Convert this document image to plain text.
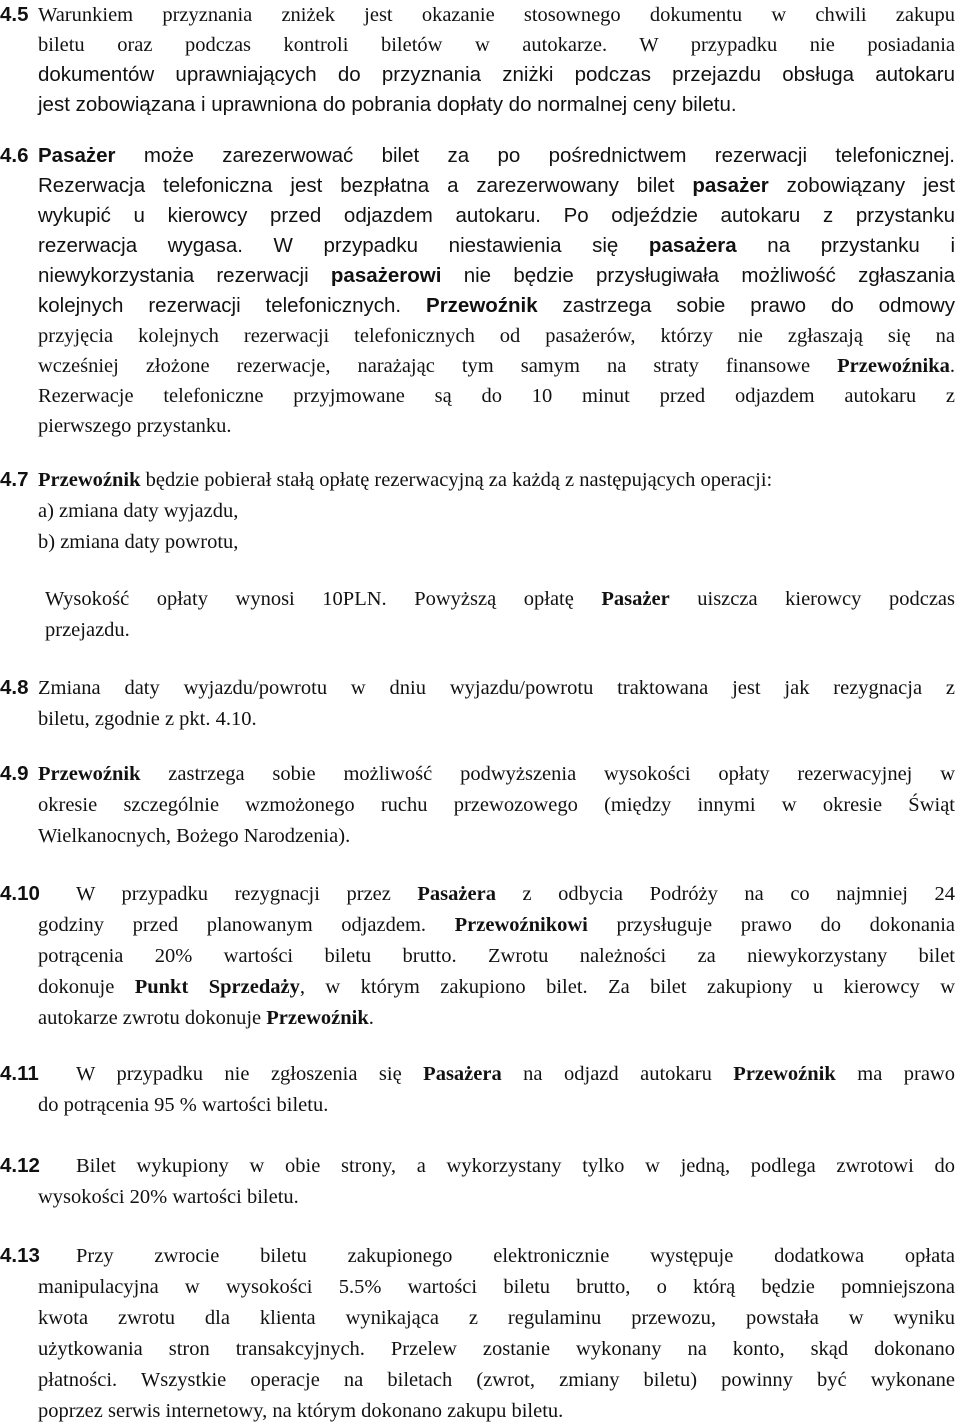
4.5 Warunkiem przyznania zniżek jest okazanie stosownego dokumentu w chwili zakupu
biletu oraz podczas kontroli biletów w autokarze. W przypadku nie posiadania
dokumentów uprawniających do przyznania zniżki podczas przejazdu obsługa autokaru
jest zobowiązana i uprawniona do pobrania dopłaty do normalnej ceny biletu.
4.6 Pasażer może zarezerwować bilet za po pośrednictwem rezerwacji telefonicznej.
Rezerwacja telefoniczna jest bezpłatna a zarezerwowany bilet pasażer zobowiązany jest
wykupić u kierowcy przed odjazdem autokaru. Po odjeździe autokaru z przystanku
rezerwacja wygasa. W przypadku niestawienia się pasażera na przystanku i
niewykorzystania rezerwacji pasażerowi nie będzie przysługiwała możliwość zgłaszania
kolejnych rezerwacji telefonicznych. Przewoźnik zastrzega sobie prawo do odmowy
przyjęcia kolejnych rezerwacji telefonicznych od pasażerów, którzy nie zgłaszają się na
wcześniej złożone rezerwacje, narażając tym samym na straty finansowe Przewoźnika.
Rezerwacje telefoniczne przyjmowane są do 10 minut przed odjazdem autokaru z
pierwszego przystanku.
4.7 Przewoźnik będzie pobierał stałą opłatę rezerwacyjną za każdą z następujących operacji:
a) zmiana daty wyjazdu,
b) zmiana daty powrotu,
Wysokość opłaty wynosi 10PLN. Powyższą opłatę Pasażer uiszcza kierowcy podczas
przejazdu.
4.8 Zmiana daty wyjazdu/powrotu w dniu wyjazdu/powrotu traktowana jest jak rezygnacja z
biletu, zgodnie z pkt. 4.10.
4.9 Przewoźnik zastrzega sobie możliwość podwyższenia wysokości opłaty rezerwacyjnej w
okresie szczególnie wzmożonego ruchu przewozowego (między innymi w okresie Świąt
Wielkanocnych, Bożego Narodzenia).
4.10 W przypadku rezygnacji przez Pasażera z odbycia Podróży na co najmniej 24
godziny przed planowanym odjazdem. Przewoźnikowi przysługuje prawo do dokonania
potrącenia 20% wartości biletu brutto. Zwrotu należności za niewykorzystany bilet
dokonuje Punkt Sprzedaży, w którym zakupiono bilet. Za bilet zakupiony u kierowcy w
autokarze zwrotu dokonuje Przewoźnik.
4.11 W przypadku nie zgłoszenia się Pasażera na odjazd autokaru Przewoźnik ma prawo
do potrącenia 95 % wartości biletu.
4.12 Bilet wykupiony w obie strony, a wykorzystany tylko w jedną, podlega zwrotowi do
wysokości 20% wartości biletu.
4.13 Przy zwrocie biletu zakupionego elektronicznie występuje dodatkowa opłata
manipulacyjna w wysokości 5.5% wartości biletu brutto, o którą będzie pomniejszona
kwota zwrotu dla klienta wynikająca z regulaminu przewozu, powstała w wyniku
użytkowania stron transakcyjnych. Przelew zostanie wykonany na konto, skąd dokonano
płatności. Wszystkie operacje na biletach (zwrot, zmiany biletu) powinny być wykonane
poprzez serwis internetowy, na którym dokonano zakupu biletu.
